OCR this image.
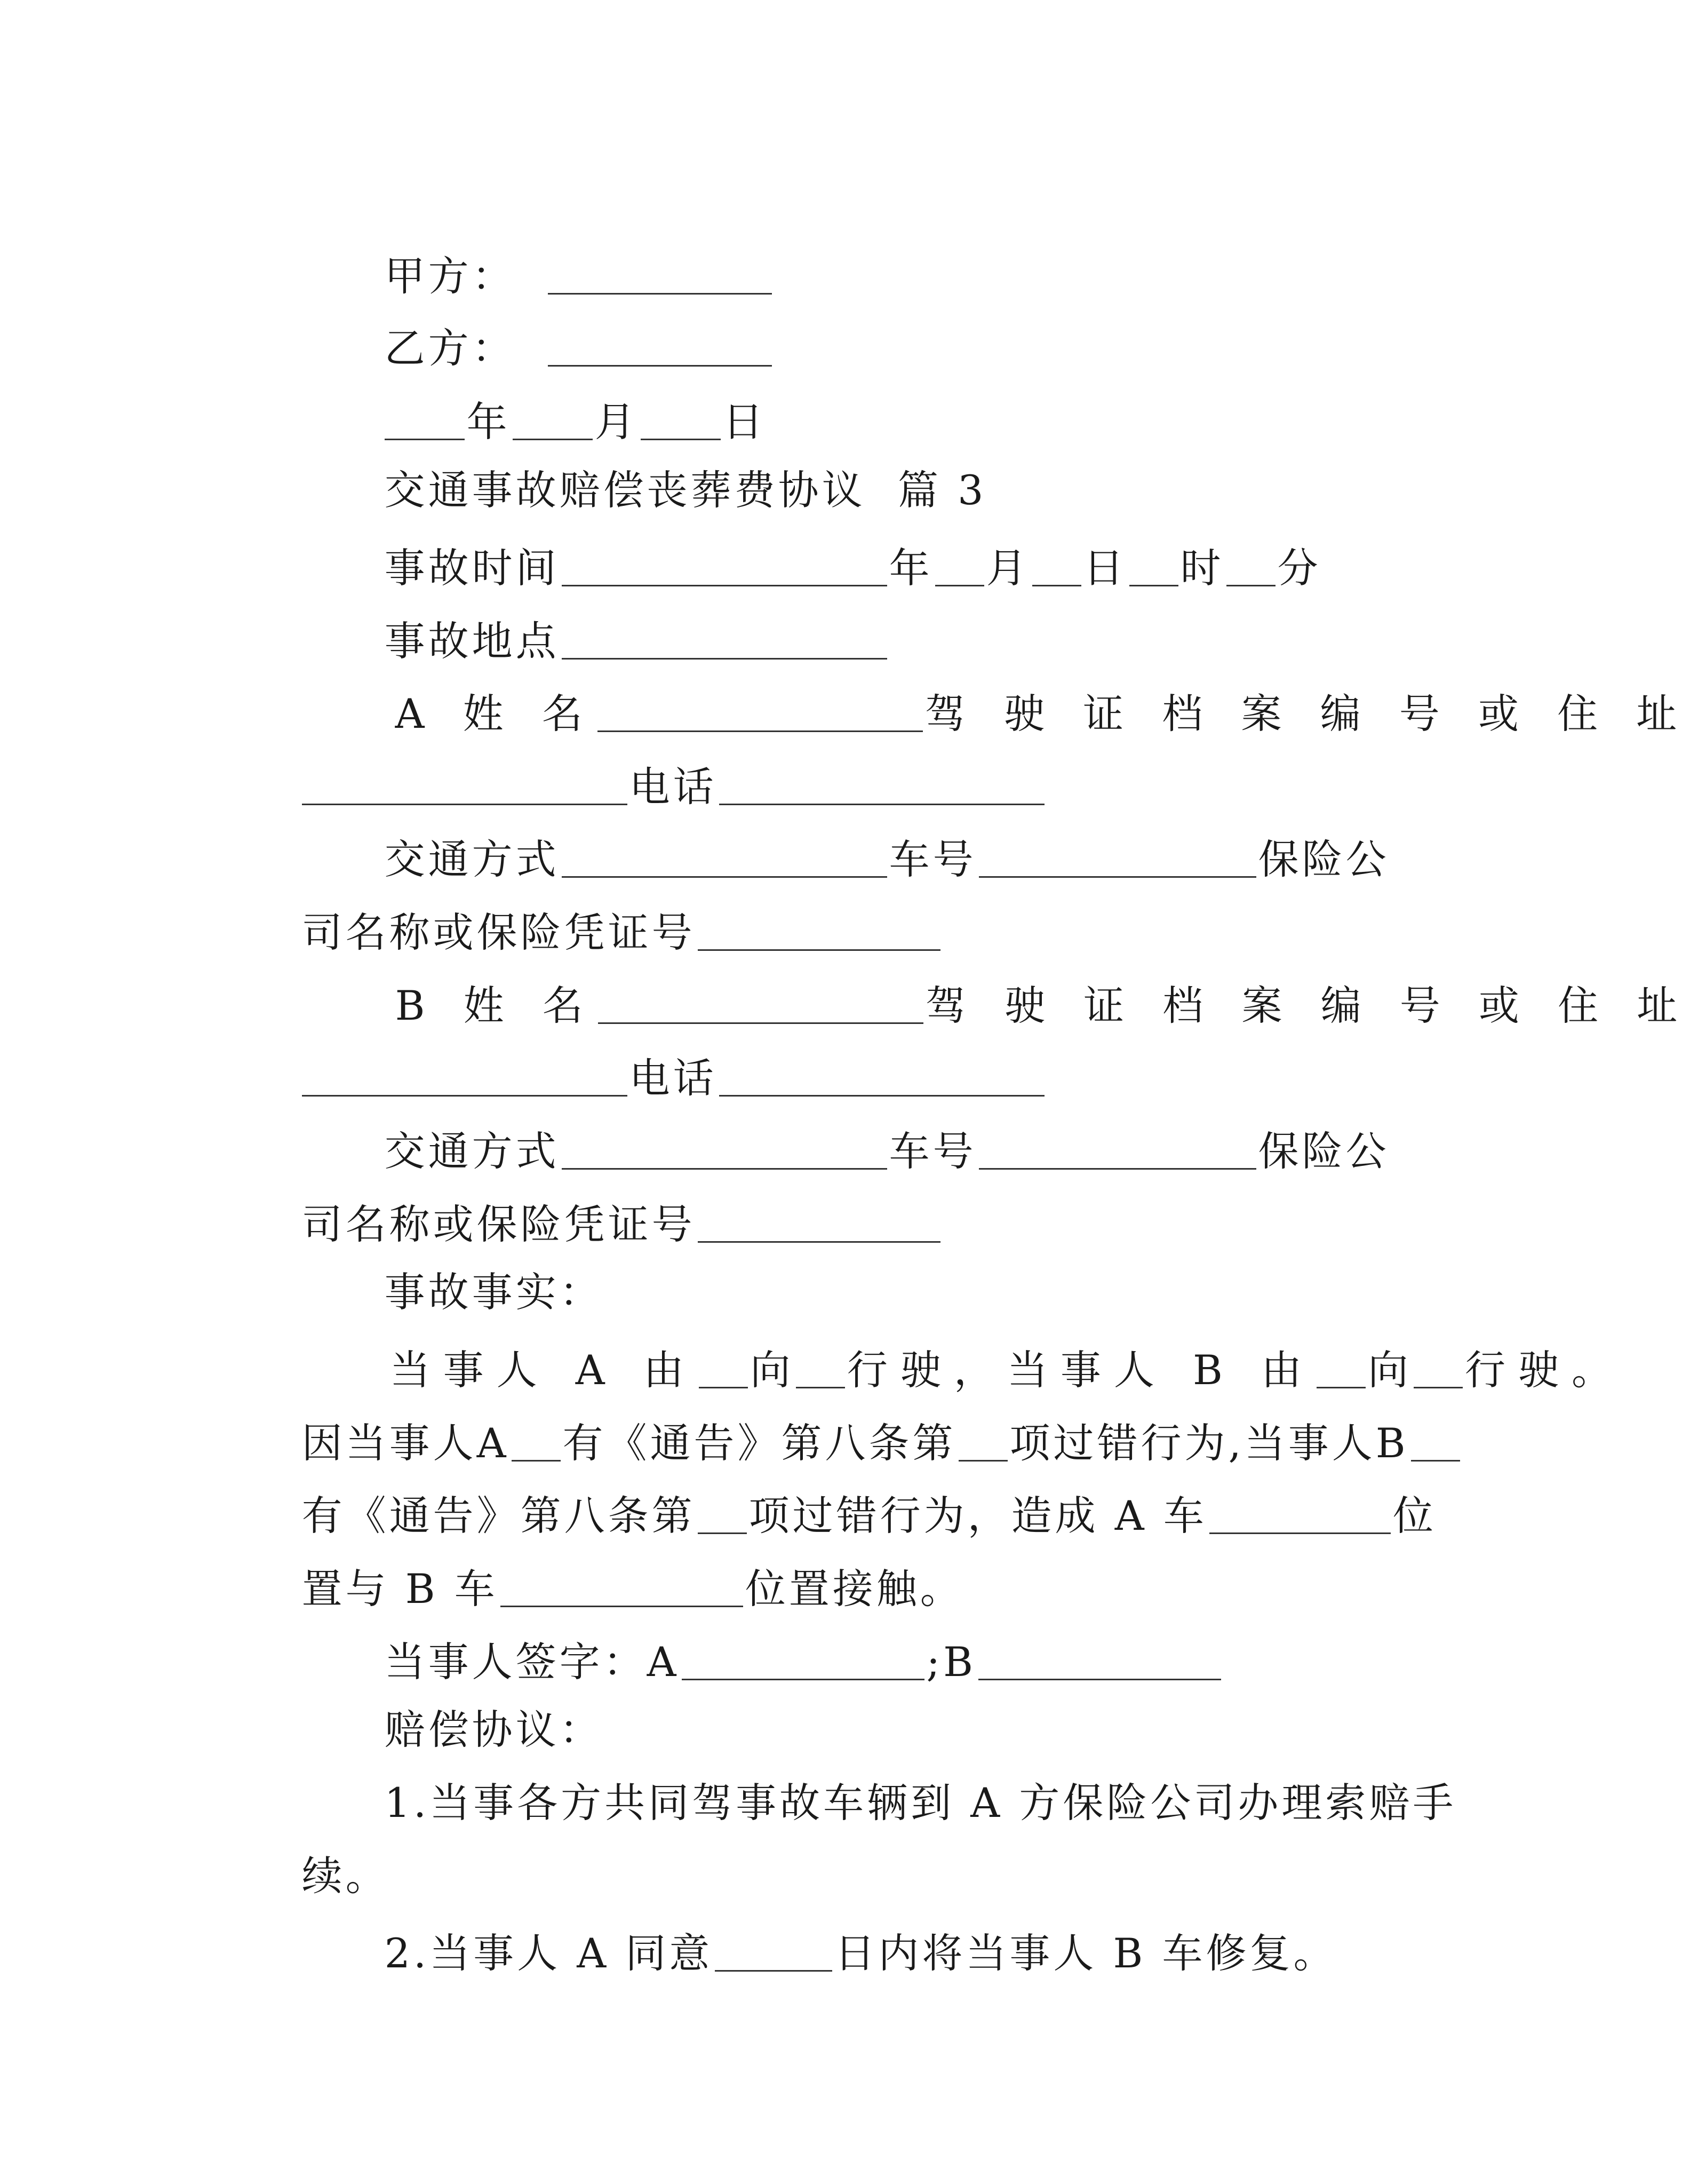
甲方：

乙方：

年 月 日

交通事故赔偿丧葬费协议  篇 3

事故时间	年 月 日 时 分

事故地点

A 姓 名	驾 驶 证 档 案 编 号 或 住 址

电话

交通方式	车号	保险公

司名称或保险凭证号

B 姓 名	驾 驶 证 档 案 编 号 或 住 址

电话

交通方式	车号	保险公

司名称或保险凭证号

事故事实：

当事人 A 由 向 行驶，当事人 B 由 向 行驶。

因当事人A 有《通告》第八条第 项过错行为,当事人B

有《通告》第八条第 项过错行为，造成 A 车	位

置与 B 车	位置接触。

当事人签字：A	;B

赔偿协议：

1.当事各方共同驾事故车辆到 A 方保险公司办理索赔手

续。

2.当事人 A 同意	日内将当事人 B 车修复。
